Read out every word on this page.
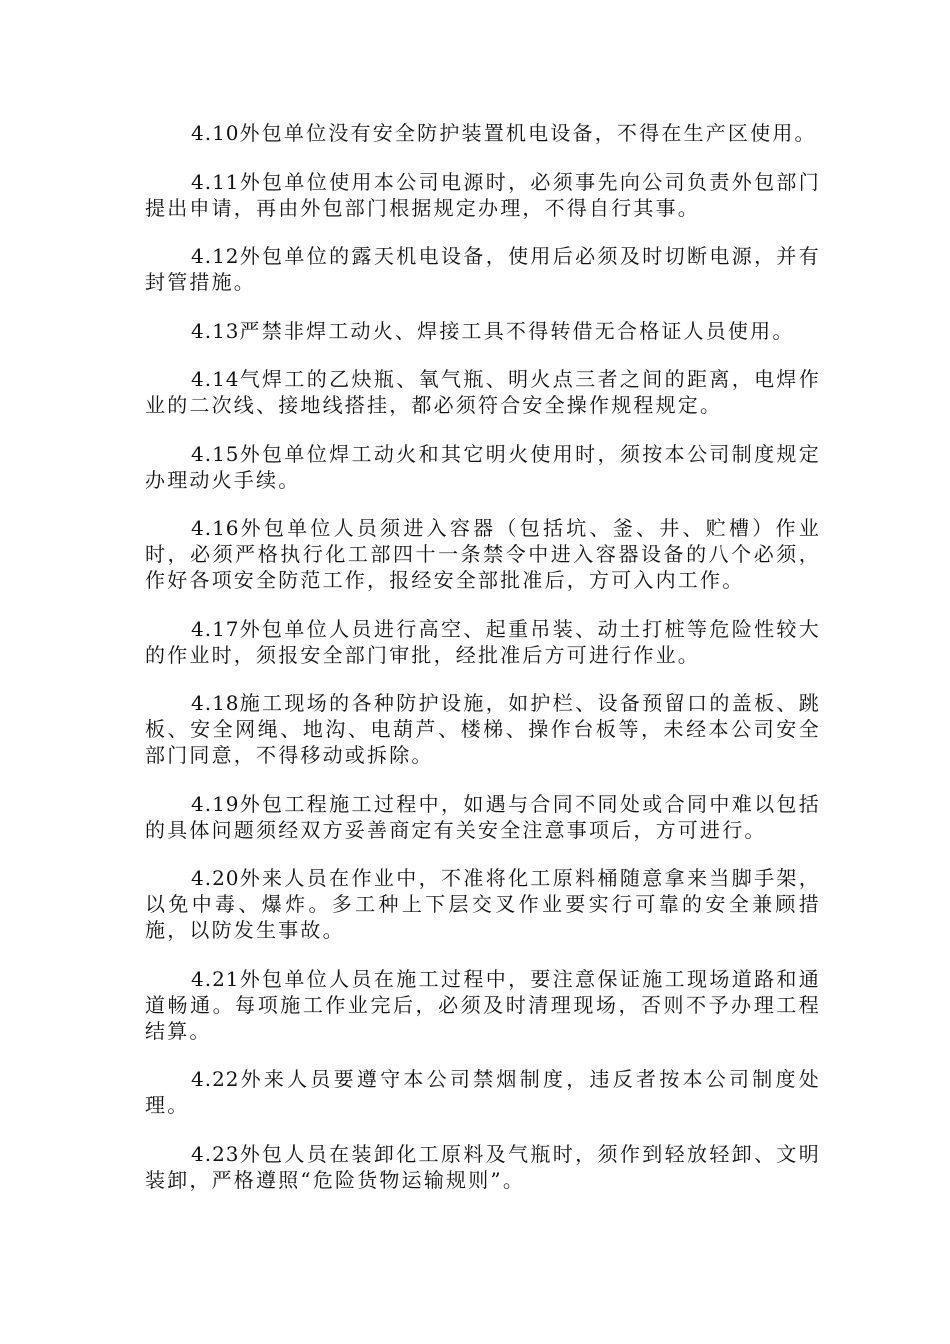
4.10外包单位没有安全防护装置机电设备，不得在生产区使用。

4.11外包单位使用本公司电源时，必须事先向公司负责外包部门提出申请，再由外包部门根据规定办理，不得自行其事。

4.12外包单位的露天机电设备，使用后必须及时切断电源，并有封管措施。

4.13严禁非焊工动火、焊接工具不得转借无合格证人员使用。

4.14气焊工的乙炔瓶、氧气瓶、明火点三者之间的距离，电焊作业的二次线、接地线搭挂，都必须符合安全操作规程规定。

4.15外包单位焊工动火和其它明火使用时，须按本公司制度规定办理动火手续。

4.16外包单位人员须进入容器（包括坑、釜、井、贮槽）作业时，必须严格执行化工部四十一条禁令中进入容器设备的八个必须，作好各项安全防范工作，报经安全部批准后，方可入内工作。

4.17外包单位人员进行高空、起重吊装、动土打桩等危险性较大的作业时，须报安全部门审批，经批准后方可进行作业。

4.18施工现场的各种防护设施，如护栏、设备预留口的盖板、跳板、安全网绳、地沟、电葫芦、楼梯、操作台板等，未经本公司安全部门同意，不得移动或拆除。

4.19外包工程施工过程中，如遇与合同不同处或合同中难以包括的具体问题须经双方妥善商定有关安全注意事项后，方可进行。

4.20外来人员在作业中，不准将化工原料桶随意拿来当脚手架，以免中毒、爆炸。多工种上下层交叉作业要实行可靠的安全兼顾措施，以防发生事故。

4.21外包单位人员在施工过程中，要注意保证施工现场道路和通道畅通。每项施工作业完后，必须及时清理现场，否则不予办理工程结算。

4.22外来人员要遵守本公司禁烟制度，违反者按本公司制度处理。

4.23外包人员在装卸化工原料及气瓶时，须作到轻放轻卸、文明装卸，严格遵照“危险货物运输规则”。
